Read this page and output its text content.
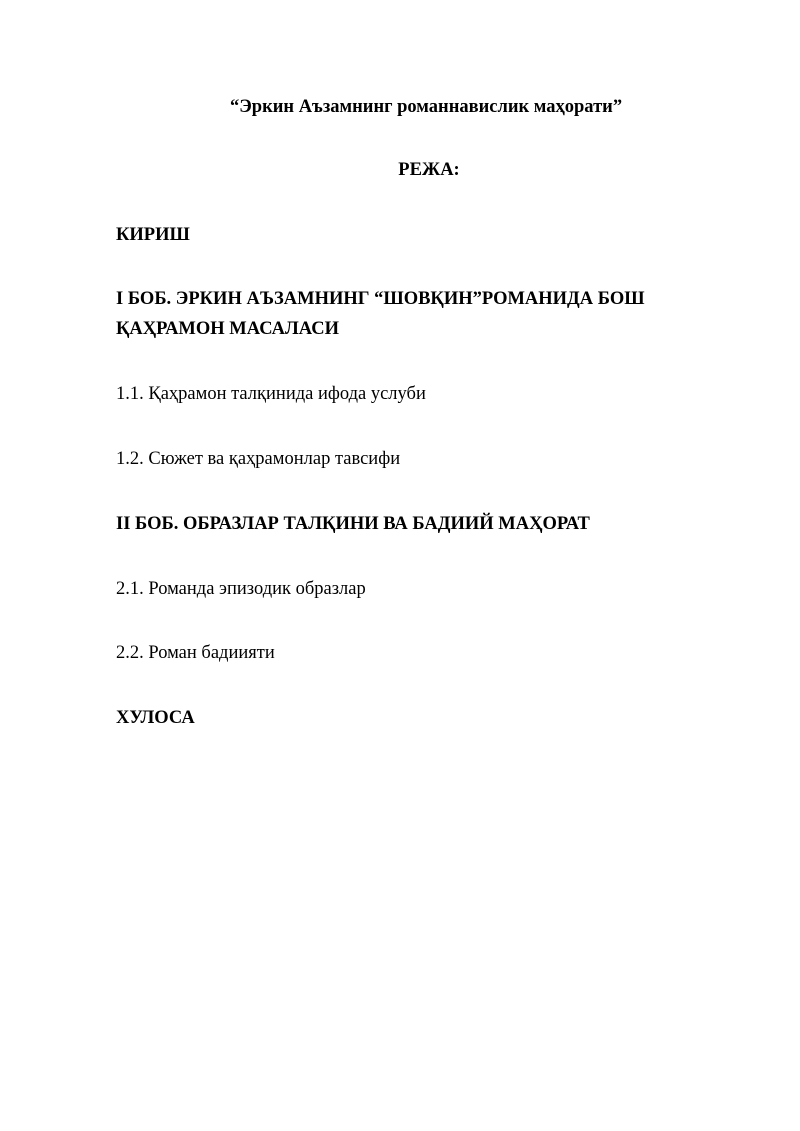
“Эркин Аъзамнинг романнавислик маҳорати”

РЕЖА:

КИРИШ

I БОБ. ЭРКИН АЪЗАМНИНГ “ШОВҚИН”РОМАНИДА БОШ

ҚАҲРАМОН МАСАЛАСИ

1.1. Қаҳрамон талқинида ифода услуби

1.2. Сюжет ва қаҳрамонлар тавсифи

II БОБ. ОБРАЗЛАР ТАЛҚИНИ ВА БАДИИЙ МАҲОРАТ

2.1. Романда эпизодик образлар

2.2. Роман бадиияти

ХУЛОСА
